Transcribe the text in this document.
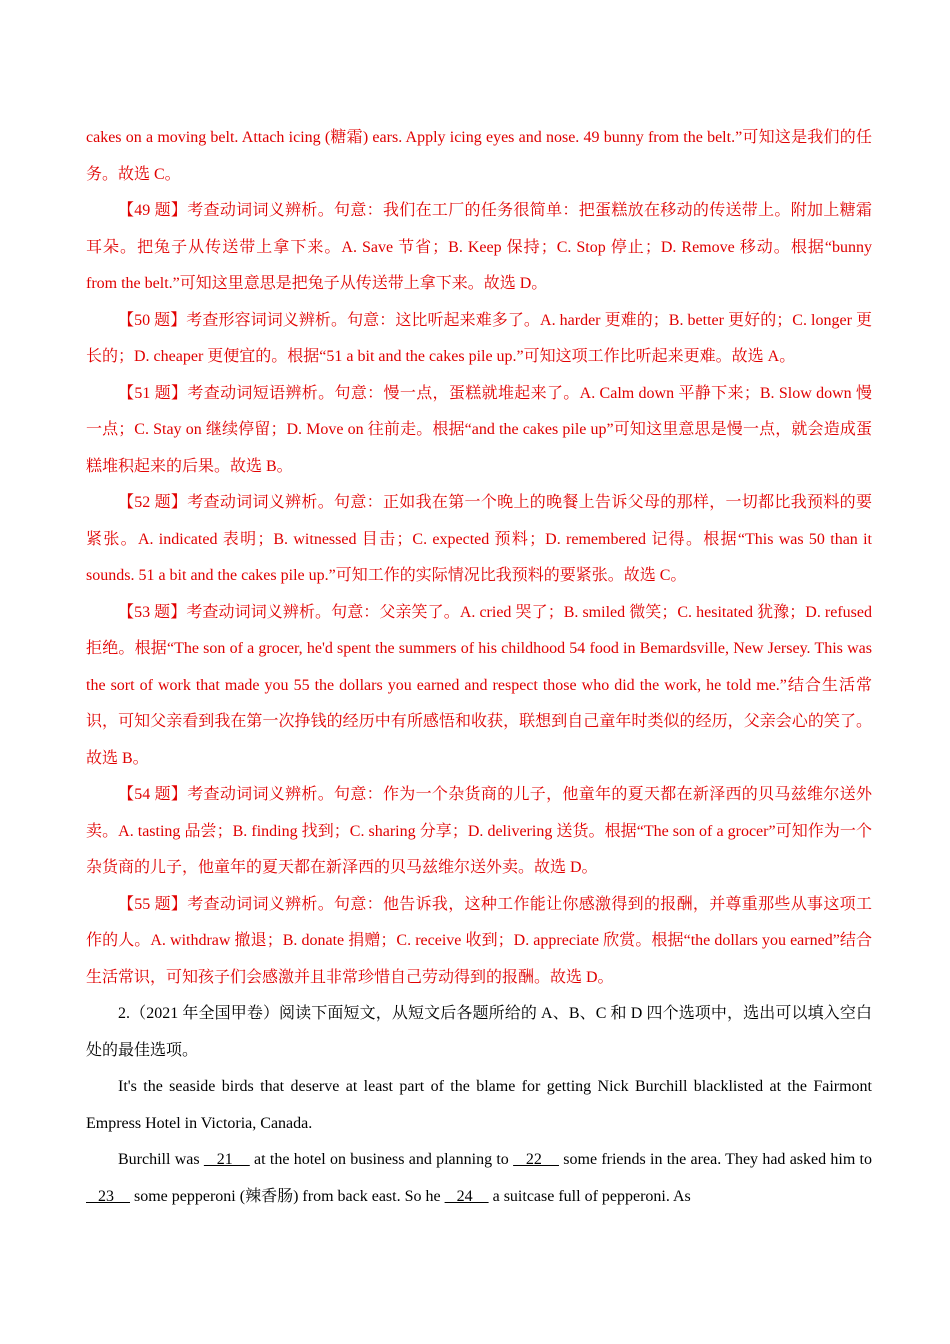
cakes on a moving belt. Attach icing (糖霜) ears. Apply icing eyes and nose. 49 bunny from the belt.”可知这是我们的任务。故选 C。

【49 题】考查动词词义辨析。句意：我们在工厂的任务很简单：把蛋糕放在移动的传送带上。附加上糖霜耳朵。把兔子从传送带上拿下来。A. Save 节省；B. Keep 保持；C. Stop 停止；D. Remove 移动。根据“bunny from the belt.”可知这里意思是把兔子从传送带上拿下来。故选 D。

【50 题】考查形容词词义辨析。句意：这比听起来难多了。A. harder 更难的；B. better 更好的；C. longer 更长的；D. cheaper 更便宜的。根据“51 a bit and the cakes pile up.”可知这项工作比听起来更难。故选 A。

【51 题】考查动词短语辨析。句意：慢一点，蛋糕就堆起来了。A. Calm down 平静下来；B. Slow down 慢一点；C. Stay on 继续停留；D. Move on 往前走。根据“and the cakes pile up”可知这里意思是慢一点，就会造成蛋糕堆积起来的后果。故选 B。

【52 题】考查动词词义辨析。句意：正如我在第一个晚上的晚餐上告诉父母的那样，一切都比我预料的要紧张。A. indicated 表明；B. witnessed 目击；C. expected 预料；D. remembered 记得。根据“This was 50 than it sounds. 51 a bit and the cakes pile up.”可知工作的实际情况比我预料的要紧张。故选 C。

【53 题】考查动词词义辨析。句意：父亲笑了。A. cried 哭了；B. smiled 微笑；C. hesitated 犹豫；D. refused 拒绝。根据“The son of a grocer, he'd spent the summers of his childhood 54 food in Bemardsville, New Jersey. This was the sort of work that made you 55 the dollars you earned and respect those who did the work, he told me.”结合生活常识，可知父亲看到我在第一次挣钱的经历中有所感悟和收获，联想到自己童年时类似的经历，父亲会心的笑了。故选 B。

【54 题】考查动词词义辨析。句意：作为一个杂货商的儿子，他童年的夏天都在新泽西的贝马兹维尔送外卖。A. tasting 品尝；B. finding 找到；C. sharing 分享；D. delivering 送货。根据“The son of a grocer”可知作为一个杂货商的儿子，他童年的夏天都在新泽西的贝马兹维尔送外卖。故选 D。

【55 题】考查动词词义辨析。句意：他告诉我，这种工作能让你感激得到的报酬，并尊重那些从事这项工作的人。A. withdraw 撤退；B. donate 捐赠；C. receive 收到；D. appreciate 欣赏。根据“the dollars you earned”结合生活常识，可知孩子们会感激并且非常珍惜自己劳动得到的报酬。故选 D。

2.（2021 年全国甲卷）阅读下面短文，从短文后各题所给的 A、B、C 和 D 四个选项中，选出可以填入空白处的最佳选项。

It's the seaside birds that deserve at least part of the blame for getting Nick Burchill blacklisted at the Fairmont Empress Hotel in Victoria, Canada.

Burchill was    21     at the hotel on business and planning to    22     some friends in the area. They had asked him to    23     some pepperoni (辣香肠) from back east. So he    24     a suitcase full of pepperoni. As
